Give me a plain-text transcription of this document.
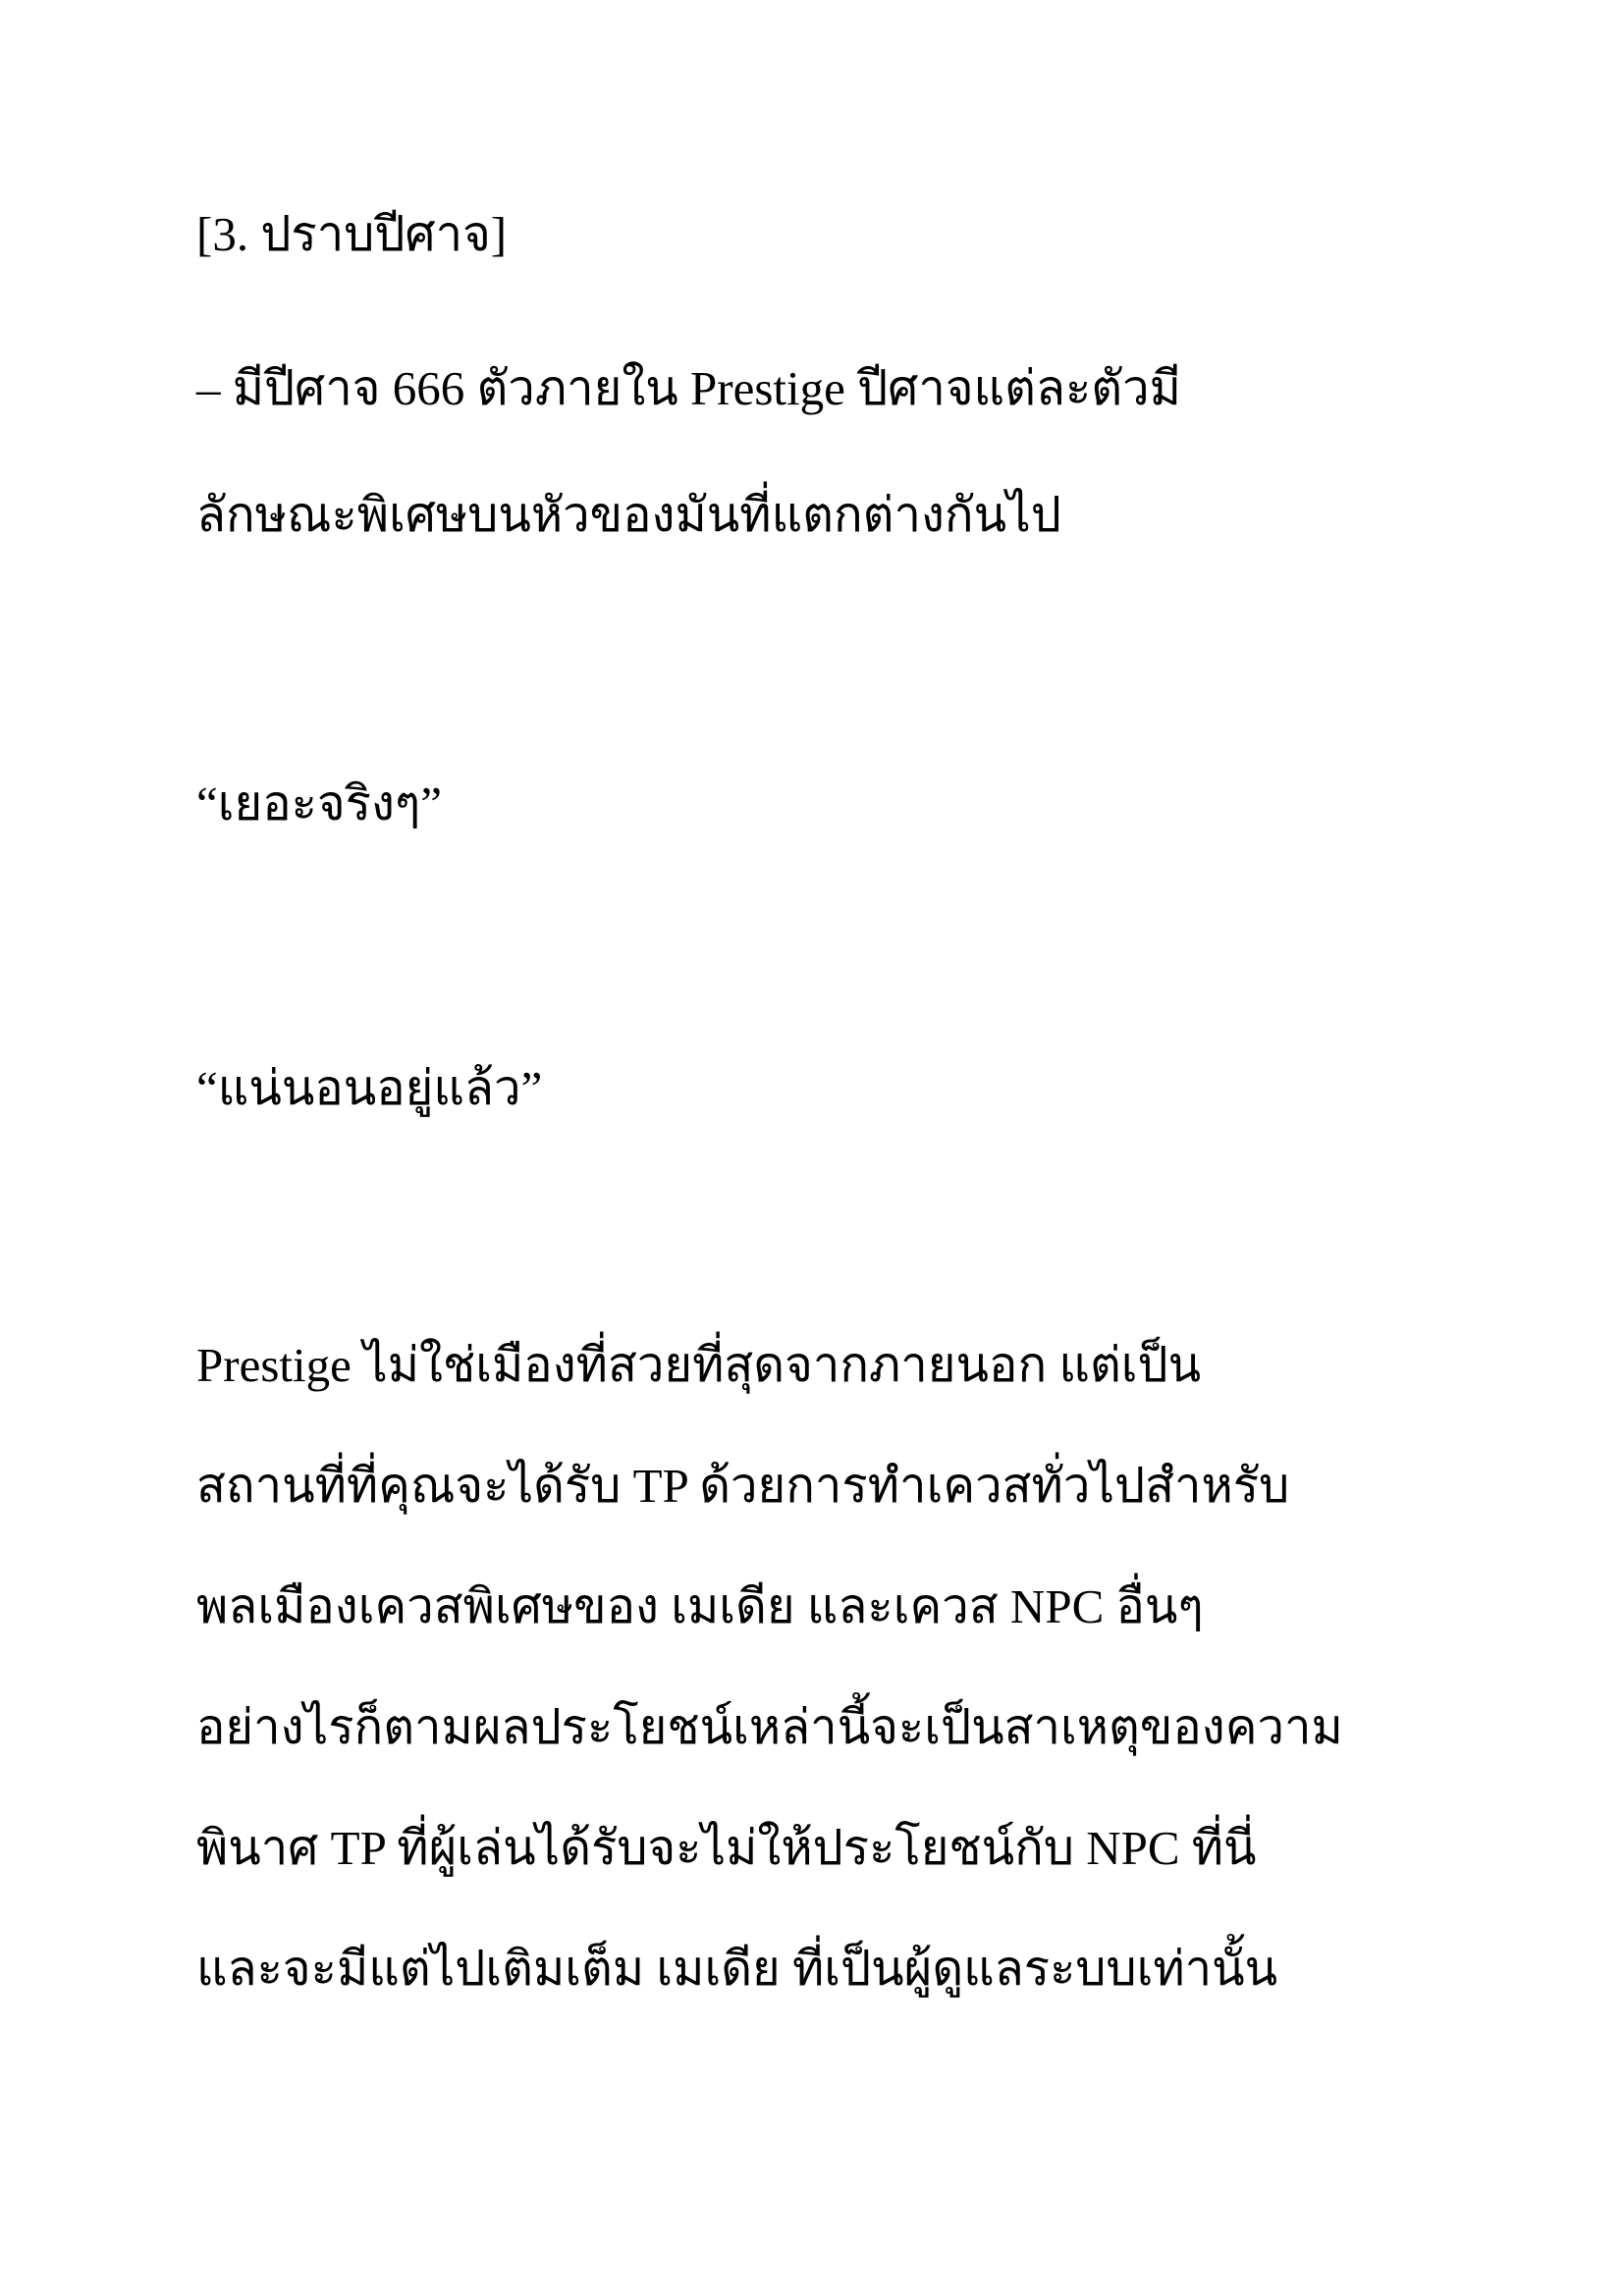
[3. ปราบปีศาจ]
– มีปีศาจ 666 ตัวภายใน Prestige ปีศาจแต่ละตัวมี
ลักษณะพิเศษบนหัวของมันที่แตกต่างกันไป
“เยอะจริงๆ”
“แน่นอนอยู่แล้ว”
Prestige ไม่ใช่เมืองที่สวยที่สุดจากภายนอก แต่เป็น
สถานที่ที่คุณจะได้รับ TP ด้วยการทำเควสทั่วไปสำหรับ
พลเมืองเควสพิเศษของ เมเดีย และเควส NPC อื่นๆ
อย่างไรก็ตามผลประโยชน์เหล่านี้จะเป็นสาเหตุของความ
พินาศ TP ที่ผู้เล่นได้รับจะไม่ให้ประโยชน์กับ NPC ที่นี่
และจะมีแต่ไปเติมเต็ม เมเดีย ที่เป็นผู้ดูแลระบบเท่านั้น
